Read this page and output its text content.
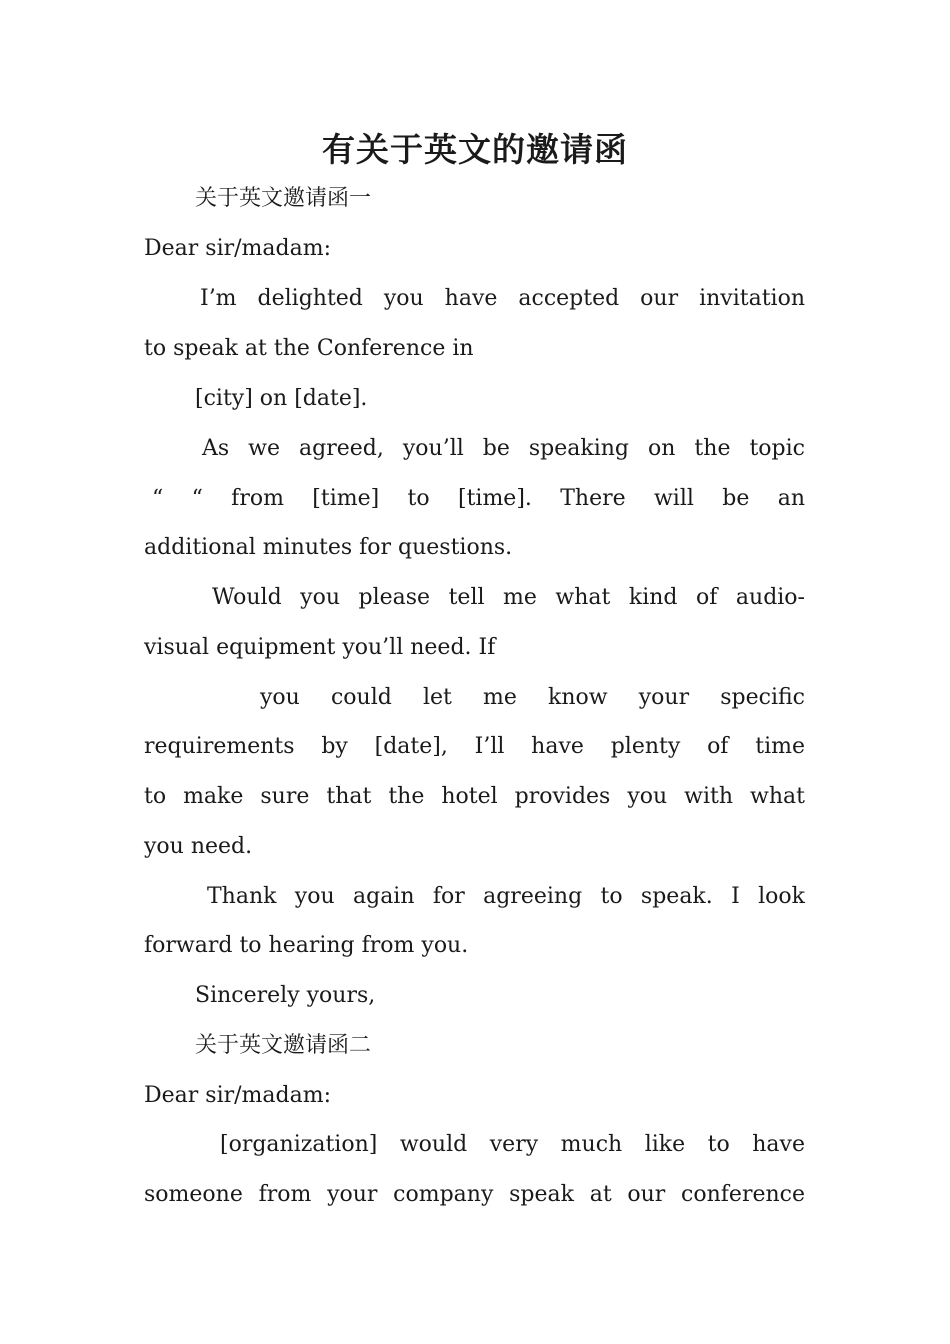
有关于英文的邀请函
关于英文邀请函一
Dear sir/madam:
I’m delighted you have accepted our invitation
to speak at the Conference in
[city] on [date].
As we agreed, you’ll be speaking on the topic
“ “ from [time] to [time]. There will be an
additional minutes for questions.
Would you please tell me what kind of audio-
visual equipment you’ll need. If
you could let me know your specific
requirements by [date], I’ll have plenty of time
to make sure that the hotel provides you with what
you need.
Thank you again for agreeing to speak. I look
forward to hearing from you.
Sincerely yours,
关于英文邀请函二
Dear sir/madam:
[organization] would very much like to have
someone from your company speak at our conference
